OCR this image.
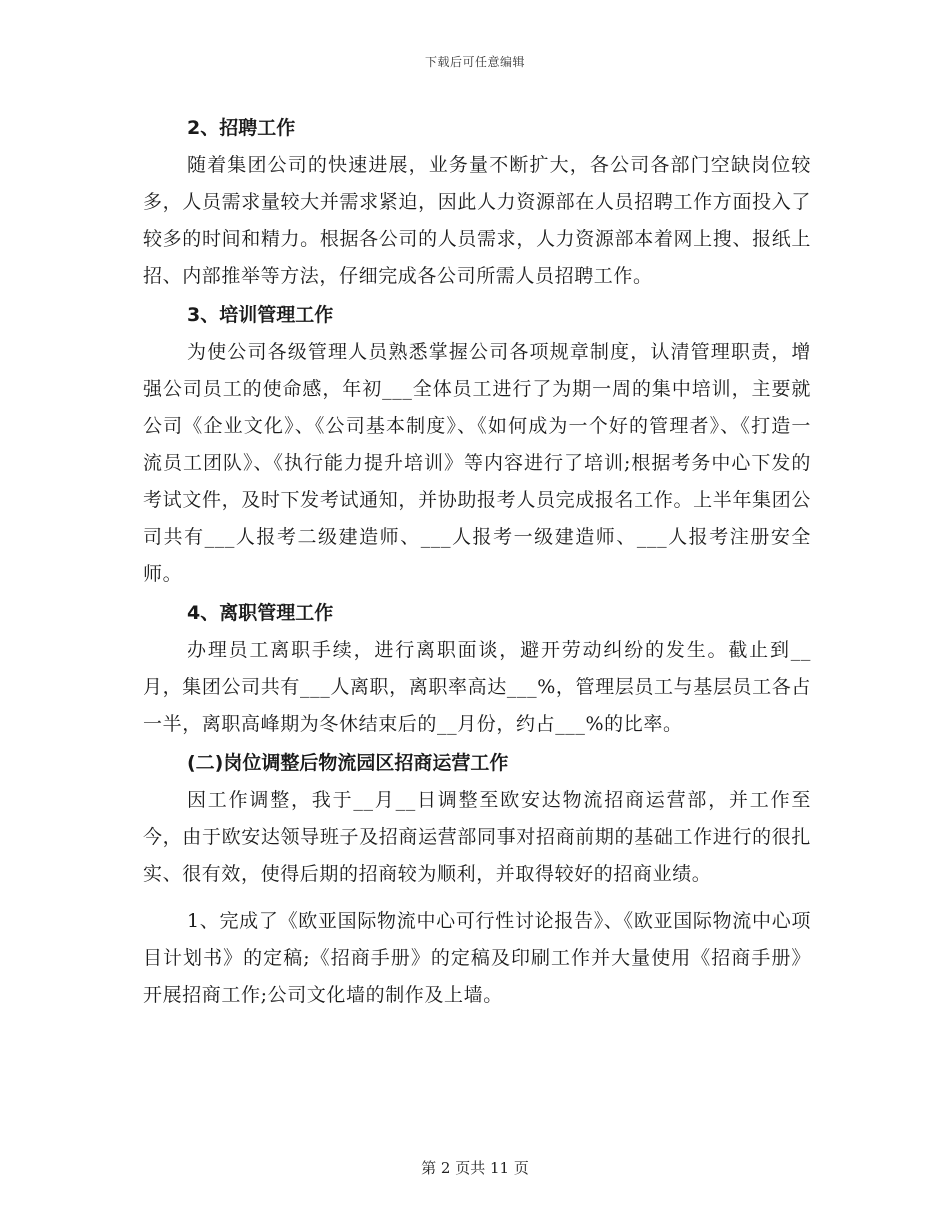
下载后可任意编辑

2、招聘工作

随着集团公司的快速进展，业务量不断扩大，各公司各部门空缺岗位较多，人员需求量较大并需求紧迫，因此人力资源部在人员招聘工作方面投入了较多的时间和精力。根据各公司的人员需求，人力资源部本着网上搜、报纸上招、内部推举等方法，仔细完成各公司所需人员招聘工作。

3、培训管理工作

为使公司各级管理人员熟悉掌握公司各项规章制度，认清管理职责，增强公司员工的使命感，年初___全体员工进行了为期一周的集中培训，主要就公司《企业文化》、《公司基本制度》、《如何成为一个好的管理者》、《打造一流员工团队》、《执行能力提升培训》等内容进行了培训;根据考务中心下发的考试文件，及时下发考试通知，并协助报考人员完成报名工作。上半年集团公司共有___人报考二级建造师、___人报考一级建造师、___人报考注册安全师。

4、离职管理工作

办理员工离职手续，进行离职面谈，避开劳动纠纷的发生。截止到__月，集团公司共有___人离职，离职率高达___%，管理层员工与基层员工各占一半，离职高峰期为冬休结束后的__月份，约占___%的比率。

(二)岗位调整后物流园区招商运营工作

因工作调整，我于__月__日调整至欧安达物流招商运营部，并工作至今，由于欧安达领导班子及招商运营部同事对招商前期的基础工作进行的很扎实、很有效，使得后期的招商较为顺利，并取得较好的招商业绩。

1、完成了《欧亚国际物流中心可行性讨论报告》、《欧亚国际物流中心项目计划书》的定稿;《招商手册》的定稿及印刷工作并大量使用《招商手册》开展招商工作;公司文化墙的制作及上墙。

第 2 页共 11 页
